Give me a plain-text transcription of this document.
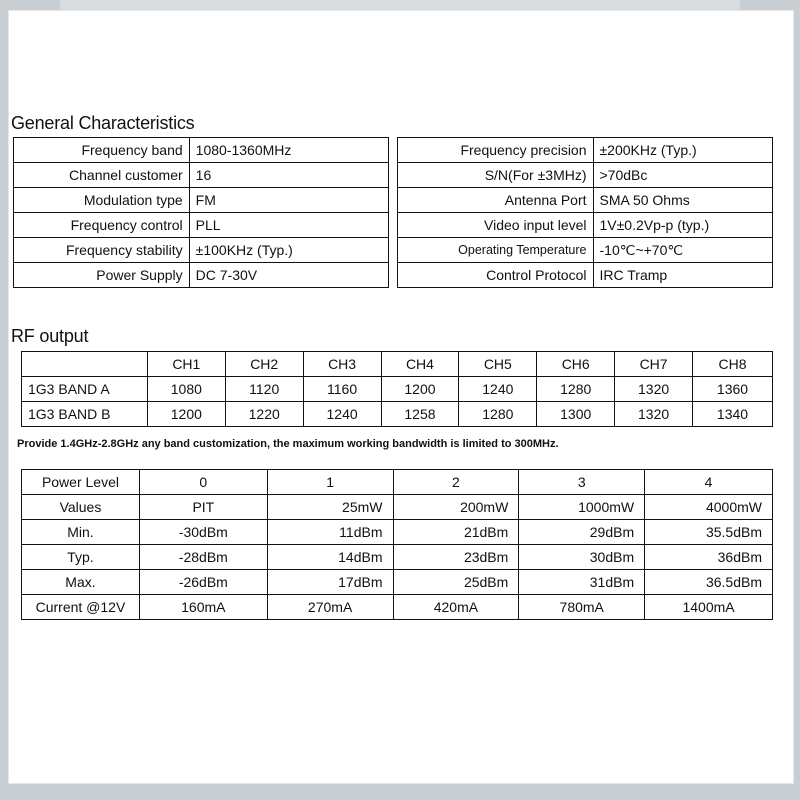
General Characteristics
Frequency band	1080-1360MHz
Channel customer	16
Modulation type	FM
Frequency control	PLL
Frequency stability	±100KHz (Typ.)
Power Supply	DC 7-30V
Frequency precision	±200KHz (Typ.)
S/N(For ±3MHz)	>70dBc
Antenna Port	SMA 50 Ohms
Video input level	1V±0.2Vp-p (typ.)
Operating Temperature	-10℃~+70℃
Control Protocol	IRC Tramp
RF output
	CH1	CH2	CH3	CH4	CH5	CH6	CH7	CH8
1G3 BAND A	1080	1120	1160	1200	1240	1280	1320	1360
1G3 BAND B	1200	1220	1240	1258	1280	1300	1320	1340
Provide 1.4GHz-2.8GHz any band customization, the maximum working bandwidth is limited to 300MHz.
Power Level	0	1	2	3	4
Values	PIT	25mW	200mW	1000mW	4000mW
Min.	-30dBm	11dBm	21dBm	29dBm	35.5dBm
Typ.	-28dBm	14dBm	23dBm	30dBm	36dBm
Max.	-26dBm	17dBm	25dBm	31dBm	36.5dBm
Current @12V	160mA	270mA	420mA	780mA	1400mA
